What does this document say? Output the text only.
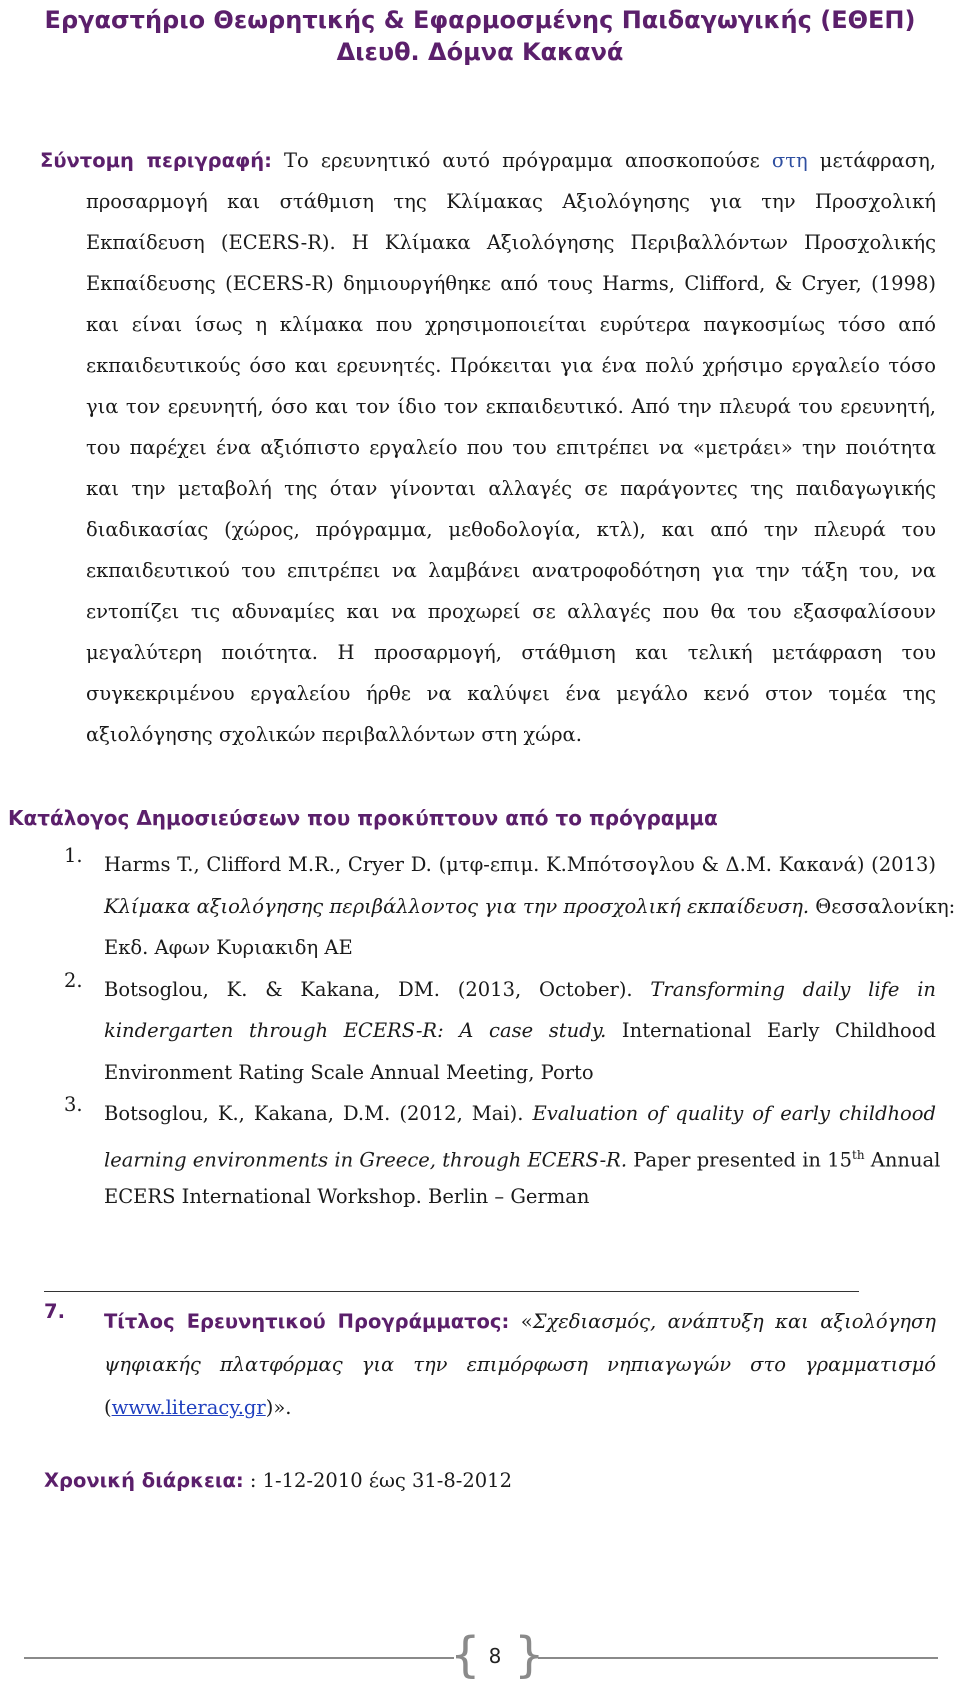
Εργαστήριο Θεωρητικής & Εφαρμοσμένης Παιδαγωγικής (ΕΘΕΠ)
Διευθ. Δόμνα Κακανά
Σύντομη περιγραφή: Το ερευνητικό αυτό πρόγραμμα αποσκοπούσε στη μετάφραση,
προσαρμογή και στάθμιση της Κλίμακας Αξιολόγησης για την Προσχολική
Εκπαίδευση (ECERS-R). Η Κλίμακα Αξιολόγησης Περιβαλλόντων Προσχολικής
Εκπαίδευσης (ECERS-R) δημιουργήθηκε από τους Harms, Clifford, & Cryer, (1998)
και είναι ίσως η κλίμακα που χρησιμοποιείται ευρύτερα παγκοσμίως τόσο από
εκπαιδευτικούς όσο και ερευνητές. Πρόκειται για ένα πολύ χρήσιμο εργαλείο τόσο
για τον ερευνητή, όσο και τον ίδιο τον εκπαιδευτικό. Από την πλευρά του ερευνητή,
του παρέχει ένα αξιόπιστο εργαλείο που του επιτρέπει να «μετράει» την ποιότητα
και την μεταβολή της όταν γίνονται αλλαγές σε παράγοντες της παιδαγωγικής
διαδικασίας (χώρος, πρόγραμμα, μεθοδολογία, κτλ), και από την πλευρά του
εκπαιδευτικού του επιτρέπει να λαμβάνει ανατροφοδότηση για την τάξη του, να
εντοπίζει τις αδυναμίες και να προχωρεί σε αλλαγές που θα του εξασφαλίσουν
μεγαλύτερη ποιότητα. Η προσαρμογή, στάθμιση και τελική μετάφραση του
συγκεκριμένου εργαλείου ήρθε να καλύψει ένα μεγάλο κενό στον τομέα της
αξιολόγησης σχολικών περιβαλλόντων στη χώρα.
Κατάλογος Δημοσιεύσεων που προκύπτουν από το πρόγραμμα
1.	Harms T., Clifford M.R., Cryer D. (μτφ-επιμ. Κ.Μπότσογλου & Δ.Μ. Κακανά) (2013)
Κλίμακα αξιολόγησης περιβάλλοντος για την προσχολική εκπαίδευση. Θεσσαλονίκη:
Εκδ. Αφων Κυριακιδη ΑΕ
2.	Botsoglou, K. & Kakana, DM. (2013, October). Transforming daily life in
kindergarten through ECERS-R: A case study. International Early Childhood
Environment Rating Scale Annual Meeting, Porto
3.	Botsoglou, K., Kakana, D.M. (2012, Mai). Evaluation of quality of early childhood
learning environments in Greece, through ECERS-R. Paper presented in 15th Annual
ECERS International Workshop. Berlin – German
7. Τίτλος Ερευνητικού Προγράμματος: «Σχεδιασμός, ανάπτυξη και αξιολόγηση
ψηφιακής πλατφόρμας για την επιμόρφωση νηπιαγωγών στο γραμματισμό
(www.literacy.gr)».
Χρονική διάρκεια: : 1-12-2010 έως 31-8-2012
{ }
8
